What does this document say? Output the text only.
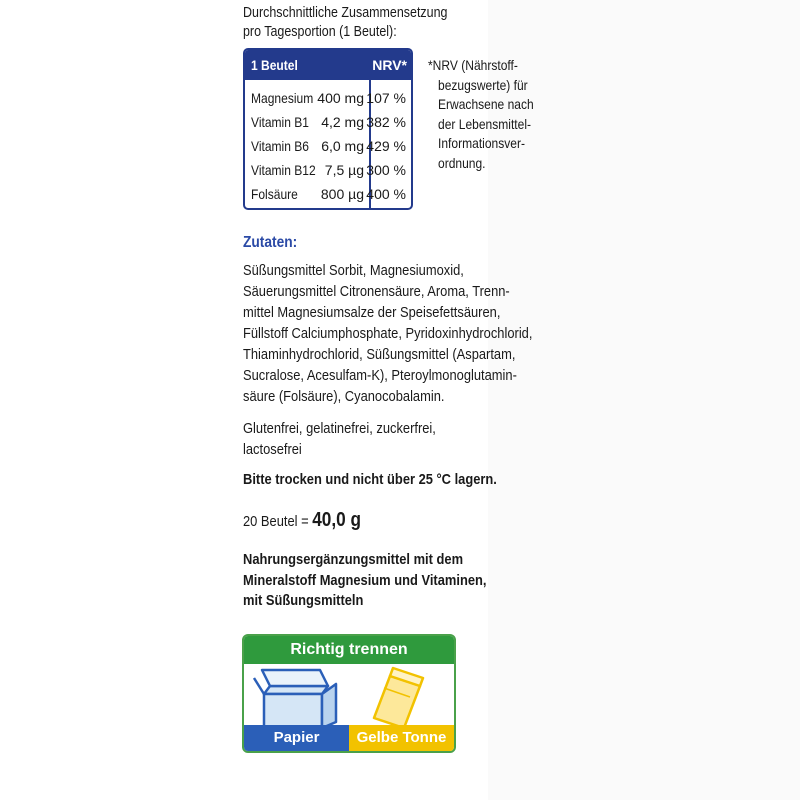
Durchschnittliche Zusammensetzung
pro Tagesportion (1 Beutel):
1 Beutel	NRV*
Magnesium 400 mg 107 %
Vitamin B1 4,2 mg 382 %
Vitamin B6 6,0 mg 429 %
Vitamin B12 7,5 µg 300 %
Folsäure 800 µg 400 %
*NRV (Nährstoff-
bezugswerte) für
Erwachsene nach
der Lebensmittel-
Informationsver-
ordnung.
Zutaten:
Süßungsmittel Sorbit, Magnesiumoxid,
Säuerungsmittel Citronensäure, Aroma, Trenn-
mittel Magnesiumsalze der Speisefettsäuren,
Füllstoff Calciumphosphate, Pyridoxinhydrochlorid,
Thiaminhydrochlorid, Süßungsmittel (Aspartam,
Sucralose, Acesulfam-K), Pteroylmonoglutamin-
säure (Folsäure), Cyanocobalamin.
Glutenfrei, gelatinefrei, zuckerfrei,
lactosefrei
Bitte trocken und nicht über 25 °C lagern.
20 Beutel = 40,0 g
Nahrungsergänzungsmittel mit dem
Mineralstoff Magnesium und Vitaminen,
mit Süßungsmitteln
Richtig trennen
Papier	Gelbe Tonne
